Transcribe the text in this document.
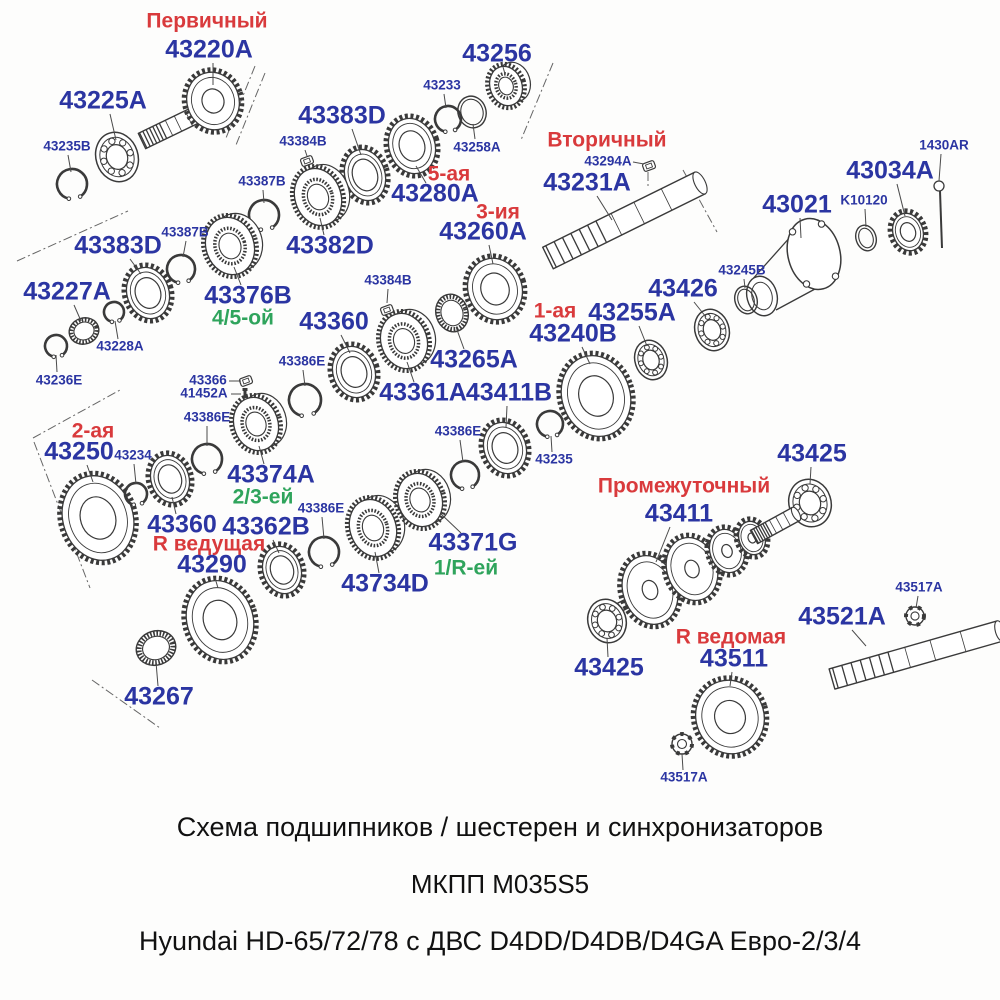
Первичный
Вторичный
Промежуточный
5-ая
3-ия
1-ая
2-ая
R ведущая
R ведомая
4/5-ой
2/3-ей
1/R-ей
43220A
43225A
43256
43383D
43280A	43231A	43034A
43021
43382D	43260A
43383D
43227A	43376B	43426
43255A
43240B
43360
43265A
43361A 43411B
43250
43374A
43360 43362B
43290
43371G
43734D
43267
43411
43425
43425 43511
43521A
43235B
43233
43258A
43384B
43294A
1430AR
K10120
43387B
43387B
43245B
43228A
43236E
43384B
43386E
43386E
43386E
43386E
43366
41452A
43234	43235
43517A
43517A
Схема подшипников / шестерен и синхронизаторов
МКПП M035S5
Hyundai HD-65/72/78 с ДВС D4DD/D4DB/D4GA Евро-2/3/4
